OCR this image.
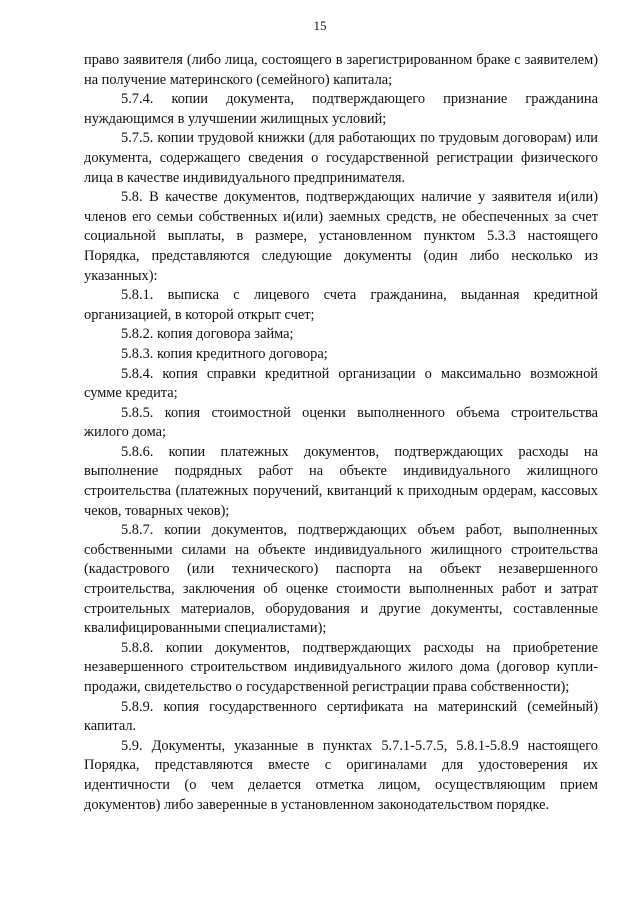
15

право заявителя (либо лица, состоящего в зарегистрированном браке с заявителем) на получение материнского (семейного) капитала;

5.7.4. копии документа, подтверждающего признание гражданина нуждающимся в улучшении жилищных условий;

5.7.5. копии трудовой книжки (для работающих по трудовым договорам) или документа, содержащего сведения о государственной регистрации физического лица в качестве индивидуального предпринимателя.

5.8. В качестве документов, подтверждающих наличие у заявителя и(или) членов его семьи собственных и(или) заемных средств, не обеспеченных за счет социальной выплаты, в размере, установленном пунктом 5.3.3 настоящего Порядка, представляются следующие документы (один либо несколько из указанных):

5.8.1. выписка с лицевого счета гражданина, выданная кредитной организацией, в которой открыт счет;

5.8.2. копия договора займа;

5.8.3. копия кредитного договора;

5.8.4. копия справки кредитной организации о максимально возможной сумме кредита;

5.8.5. копия стоимостной оценки выполненного объема строительства жилого дома;

5.8.6. копии платежных документов, подтверждающих расходы на выполнение подрядных работ на объекте индивидуального жилищного строительства (платежных поручений, квитанций к приходным ордерам, кассовых чеков, товарных чеков);

5.8.7. копии документов, подтверждающих объем работ, выполненных собственными силами на объекте индивидуального жилищного строительства (кадастрового (или технического) паспорта на объект незавершенного строительства, заключения об оценке стоимости выполненных работ и затрат строительных материалов, оборудования и другие документы, составленные квалифицированными специалистами);

5.8.8. копии документов, подтверждающих расходы на приобретение незавершенного строительством индивидуального жилого дома (договор купли-продажи, свидетельство о государственной регистрации права собственности);

5.8.9. копия государственного сертификата на материнский (семейный) капитал.

5.9. Документы, указанные в пунктах 5.7.1-5.7.5, 5.8.1-5.8.9 настоящего Порядка, представляются вместе с оригиналами для удостоверения их идентичности (о чем делается отметка лицом, осуществляющим прием документов) либо заверенные в установленном законодательством порядке.
